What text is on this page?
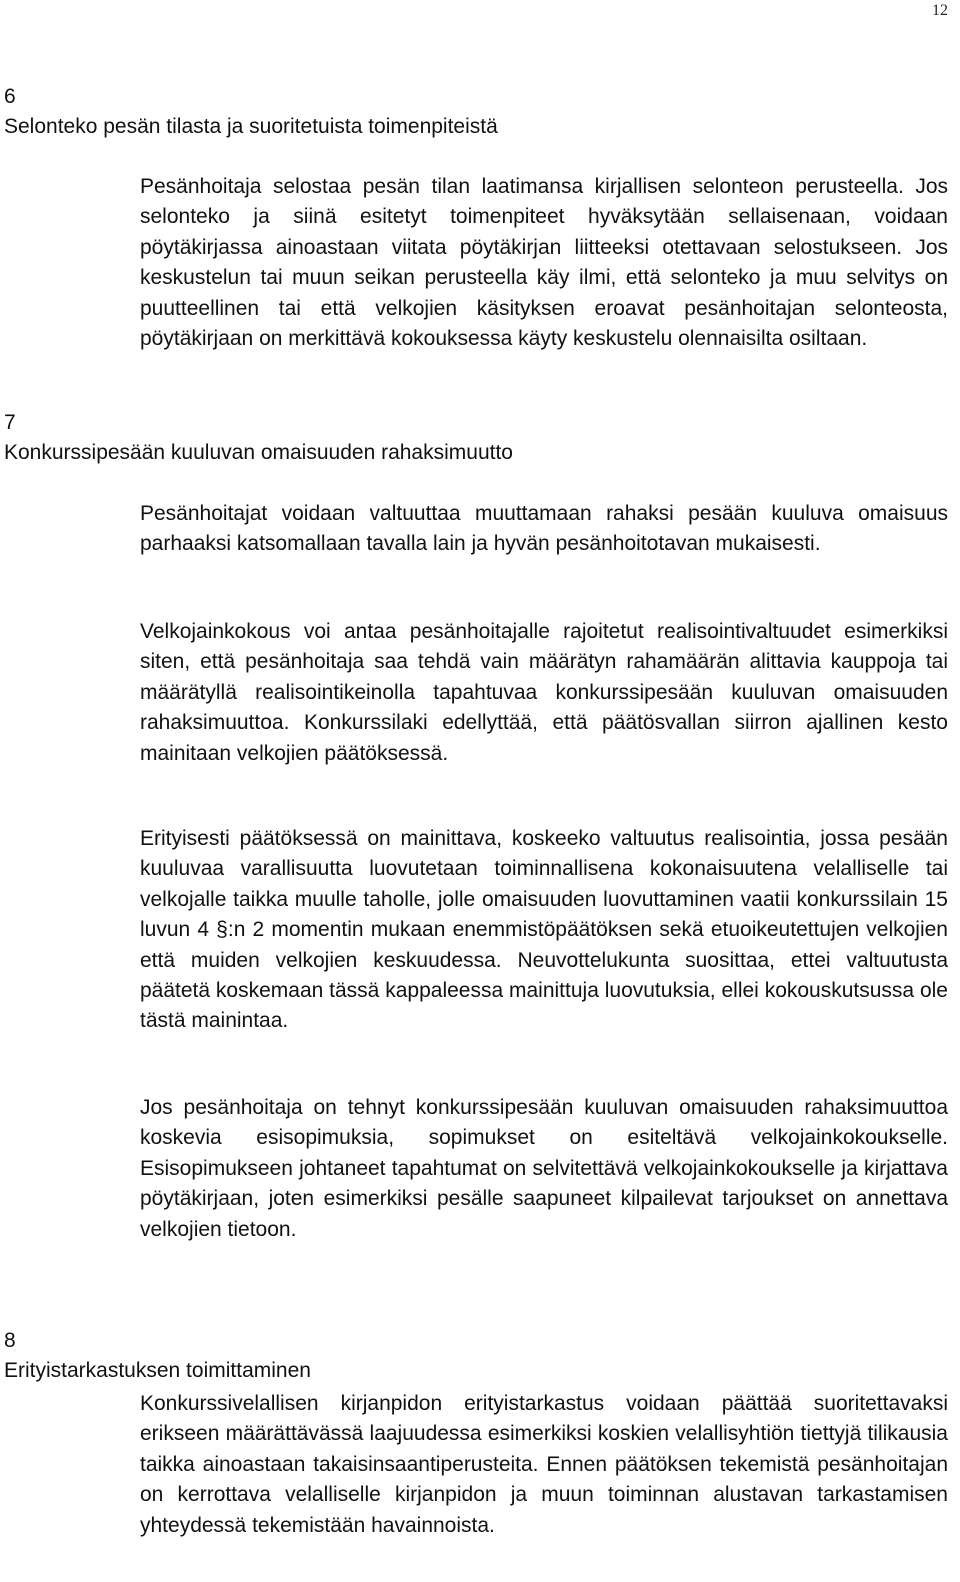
12
6
Selonteko pesän tilasta ja suoritetuista toimenpiteistä

Pesänhoitaja selostaa pesän tilan laatimansa kirjallisen selonteon perusteella. Jos selonteko ja siinä esitetyt toimenpiteet hyväksytään sellaisenaan, voidaan pöytäkirjassa ainoastaan viitata pöytäkirjan liitteeksi otettavaan selostukseen. Jos keskustelun tai muun seikan perusteella käy ilmi, että selonteko ja muu selvitys on puutteellinen tai että velkojien käsityksen eroavat pesänhoitajan selonteosta, pöytäkirjaan on merkittävä kokouksessa käyty keskustelu olennaisilta osiltaan.

7
Konkurssipesään kuuluvan omaisuuden rahaksimuutto

Pesänhoitajat voidaan valtuuttaa muuttamaan rahaksi pesään kuuluva omaisuus parhaaksi katsomallaan tavalla lain ja hyvän pesänhoitotavan mukaisesti.

Velkojainkokous voi antaa pesänhoitajalle rajoitetut realisointivaltuudet esimerkiksi siten, että pesänhoitaja saa tehdä vain määrätyn rahamäärän alittavia kauppoja tai määrätyllä realisointikeinolla tapahtuvaa konkurssipesään kuuluvan omaisuuden rahaksimuuttoa. Konkurssilaki edellyttää, että päätösvallan siirron ajallinen kesto mainitaan velkojien päätöksessä.

Erityisesti päätöksessä on mainittava, koskeeko valtuutus realisointia, jossa pesään kuuluvaa varallisuutta luovutetaan toiminnallisena kokonaisuutena velalliselle tai velkojalle taikka muulle taholle, jolle omaisuuden luovuttaminen vaatii konkurssilain 15 luvun 4 §:n 2 momentin mukaan enemmistöpäätöksen sekä etuoikeutettujen velkojien että muiden velkojien keskuudessa. Neuvottelukunta suosittaa, ettei valtuutusta päätetä koskemaan tässä kappaleessa mainittuja luovutuksia, ellei kokouskutsussa ole tästä mainintaa.

Jos pesänhoitaja on tehnyt konkurssipesään kuuluvan omaisuuden rahaksimuuttoa koskevia esisopimuksia, sopimukset on esiteltävä velkojainkokoukselle. Esisopimukseen johtaneet tapahtumat on selvitettävä velkojainkokoukselle ja kirjattava pöytäkirjaan, joten esimerkiksi pesälle saapuneet kilpailevat tarjoukset on annettava velkojien tietoon.

8
Erityistarkastuksen toimittaminen

Konkurssivelallisen kirjanpidon erityistarkastus voidaan päättää suoritettavaksi erikseen määrättävässä laajuudessa esimerkiksi koskien velallisyhtiön tiettyjä tilikausia taikka ainoastaan takaisinsaantiperusteita. Ennen päätöksen tekemistä pesänhoitajan on kerrottava velalliselle kirjanpidon ja muun toiminnan alustavan tarkastamisen yhteydessä tekemistään havainnoista.
